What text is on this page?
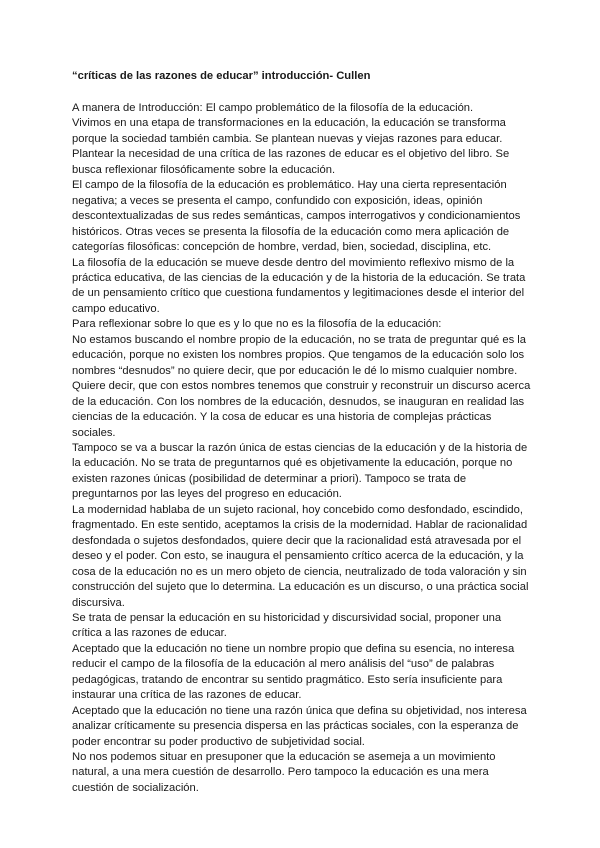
“críticas de las razones de educar” introducción- Cullen

A manera de Introducción: El campo problemático de la filosofía de la educación.

Vivimos en una etapa de transformaciones en la educación, la educación se transforma
porque la sociedad también cambia. Se plantean nuevas y viejas razones para educar.

Plantear la necesidad de una crítica de las razones de educar es el objetivo del libro. Se
busca reflexionar filosóficamente sobre la educación.

El campo de la filosofía de la educación es problemático. Hay una cierta representación
negativa; a veces se presenta el campo, confundido con exposición, ideas, opinión
descontextualizadas de sus redes semánticas, campos interrogativos y condicionamientos
históricos. Otras veces se presenta la filosofía de la educación como mera aplicación de
categorías filosóficas: concepción de hombre, verdad, bien, sociedad, disciplina, etc.

La filosofía de la educación se mueve desde dentro del movimiento reflexivo mismo de la
práctica educativa, de las ciencias de la educación y de la historia de la educación. Se trata
de un pensamiento crítico que cuestiona fundamentos y legitimaciones desde el interior del
campo educativo.

Para reflexionar sobre lo que es y lo que no es la filosofía de la educación:

No estamos buscando el nombre propio de la educación, no se trata de preguntar qué es la
educación, porque no existen los nombres propios. Que tengamos de la educación solo los
nombres “desnudos” no quiere decir, que por educación le dé lo mismo cualquier nombre.
Quiere decir, que con estos nombres tenemos que construir y reconstruir un discurso acerca
de la educación. Con los nombres de la educación, desnudos, se inauguran en realidad las
ciencias de la educación. Y la cosa de educar es una historia de complejas prácticas
sociales.

Tampoco se va a buscar la razón única de estas ciencias de la educación y de la historia de
la educación. No se trata de preguntarnos qué es objetivamente la educación, porque no
existen razones únicas (posibilidad de determinar a priori). Tampoco se trata de
preguntarnos por las leyes del progreso en educación.

La modernidad hablaba de un sujeto racional, hoy concebido como desfondado, escindido,
fragmentado. En este sentido, aceptamos la crisis de la modernidad. Hablar de racionalidad
desfondada o sujetos desfondados, quiere decir que la racionalidad está atravesada por el
deseo y el poder. Con esto, se inaugura el pensamiento crítico acerca de la educación, y la
cosa de la educación no es un mero objeto de ciencia, neutralizado de toda valoración y sin
construcción del sujeto que lo determina. La educación es un discurso, o una práctica social
discursiva.

Se trata de pensar la educación en su historicidad y discursividad social, proponer una
crítica a las razones de educar.

Aceptado que la educación no tiene un nombre propio que defina su esencia, no interesa
reducir el campo de la filosofía de la educación al mero análisis del “uso” de palabras
pedagógicas, tratando de encontrar su sentido pragmático. Esto sería insuficiente para
instaurar una crítica de las razones de educar.

Aceptado que la educación no tiene una razón única que defina su objetividad, nos interesa
analizar críticamente su presencia dispersa en las prácticas sociales, con la esperanza de
poder encontrar su poder productivo de subjetividad social.

No nos podemos situar en presuponer que la educación se asemeja a un movimiento
natural, a una mera cuestión de desarrollo. Pero tampoco la educación es una mera
cuestión de socialización.
